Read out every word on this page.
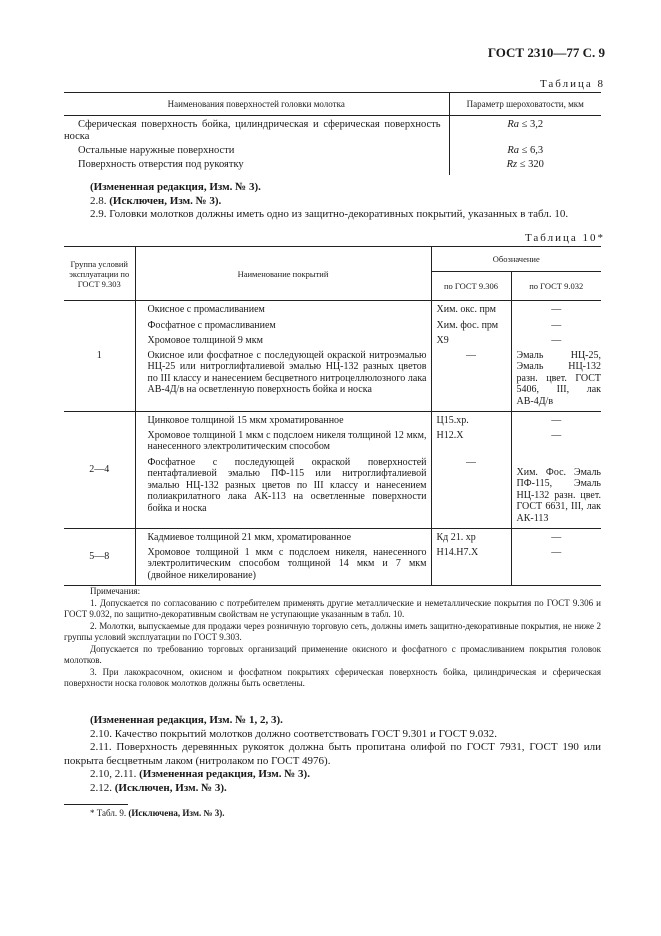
ГОСТ 2310—77 С. 9
Таблица 8
Наименования поверхностей головки молотка	Параметр шероховатости, мкм
Сферическая поверхность бойка, цилиндрическая и сферическая поверхность носка	Ra ≤ 3,2
Остальные наружные поверхности	Ra ≤ 6,3
Поверхность отверстия под рукоятку	Rz ≤ 320
(Измененная редакция, Изм. № 3).
2.8. (Исключен, Изм. № 3).
2.9. Головки молотков должны иметь одно из защитно-декоративных покрытий, указанных в табл. 10.
Таблица 10*
Группа условий эксплуатации по ГОСТ 9.303	Наименование покрытий	Обозначение	
		по ГОСТ 9.306	по ГОСТ 9.032
1	Окисное с промасливанием	Хим. окс. прм	—
	Фосфатное с промасливанием	Хим. фос. прм	—
	Хромовое толщиной 9 мкм	Х9	—
	Окисное или фосфатное с последующей окраской нитроэмалью НЦ-25 или нитроглифталиевой эмалью НЦ-132 разных цветов по III классу и нанесением бесцветного нитроцеллюлозного лака АВ-4Д/в на осветленную поверхность бойка и носка	—	Эмаль НЦ-25, Эмаль НЦ-132 разн. цвет. ГОСТ 5406, III, лак АВ-4Д/в
2—4	Цинковое толщиной 15 мкм хроматированное	Ц15.хр.	—
	Хромовое толщиной 1 мкм с подслоем никеля толщиной 12 мкм, нанесенного электролитическим способом	Н12.Х	—
	Фосфатное с последующей окраской поверхностей пентафталиевой эмалью ПФ-115 или нитроглифталиевой эмалью НЦ-132 разных цветов по III классу и нанесением полиакрилатного лака АК-113 на осветленные поверхности бойка и носка	—	Хим. Фос. Эмаль ПФ-115, Эмаль НЦ-132 разн. цвет. ГОСТ 6631, III, лак АК-113
5—8	Кадмиевое толщиной 21 мкм, хроматированное	Кд 21. хр	—
	Хромовое толщиной 1 мкм с подслоем никеля, нанесенного электролитическим способом толщиной 14 мкм и 7 мкм (двойное никелирование)	Н14.Н7.Х	—
Примечания:
1. Допускается по согласованию с потребителем применять другие металлические и неметаллические покрытия по ГОСТ 9.306 и ГОСТ 9.032, по защитно-декоративным свойствам не уступающие указанным в табл. 10.
2. Молотки, выпускаемые для продажи через розничную торговую сеть, должны иметь защитно-декоративные покрытия, не ниже 2 группы условий эксплуатации по ГОСТ 9.303.
Допускается по требованию торговых организаций применение окисного и фосфатного с промасливанием покрытия головок молотков.
3. При лакокрасочном, окисном и фосфатном покрытиях сферическая поверхность бойка, цилиндрическая и сферическая поверхности носка головок молотков должны быть осветлены.
(Измененная редакция, Изм. № 1, 2, 3).
2.10. Качество покрытий молотков должно соответствовать ГОСТ 9.301 и ГОСТ 9.032.
2.11. Поверхность деревянных рукояток должна быть пропитана олифой по ГОСТ 7931, ГОСТ 190 или покрыта бесцветным лаком (нитролаком по ГОСТ 4976).
2.10, 2.11. (Измененная редакция, Изм. № 3).
2.12. (Исключен, Изм. № 3).
* Табл. 9. (Исключена, Изм. № 3).
